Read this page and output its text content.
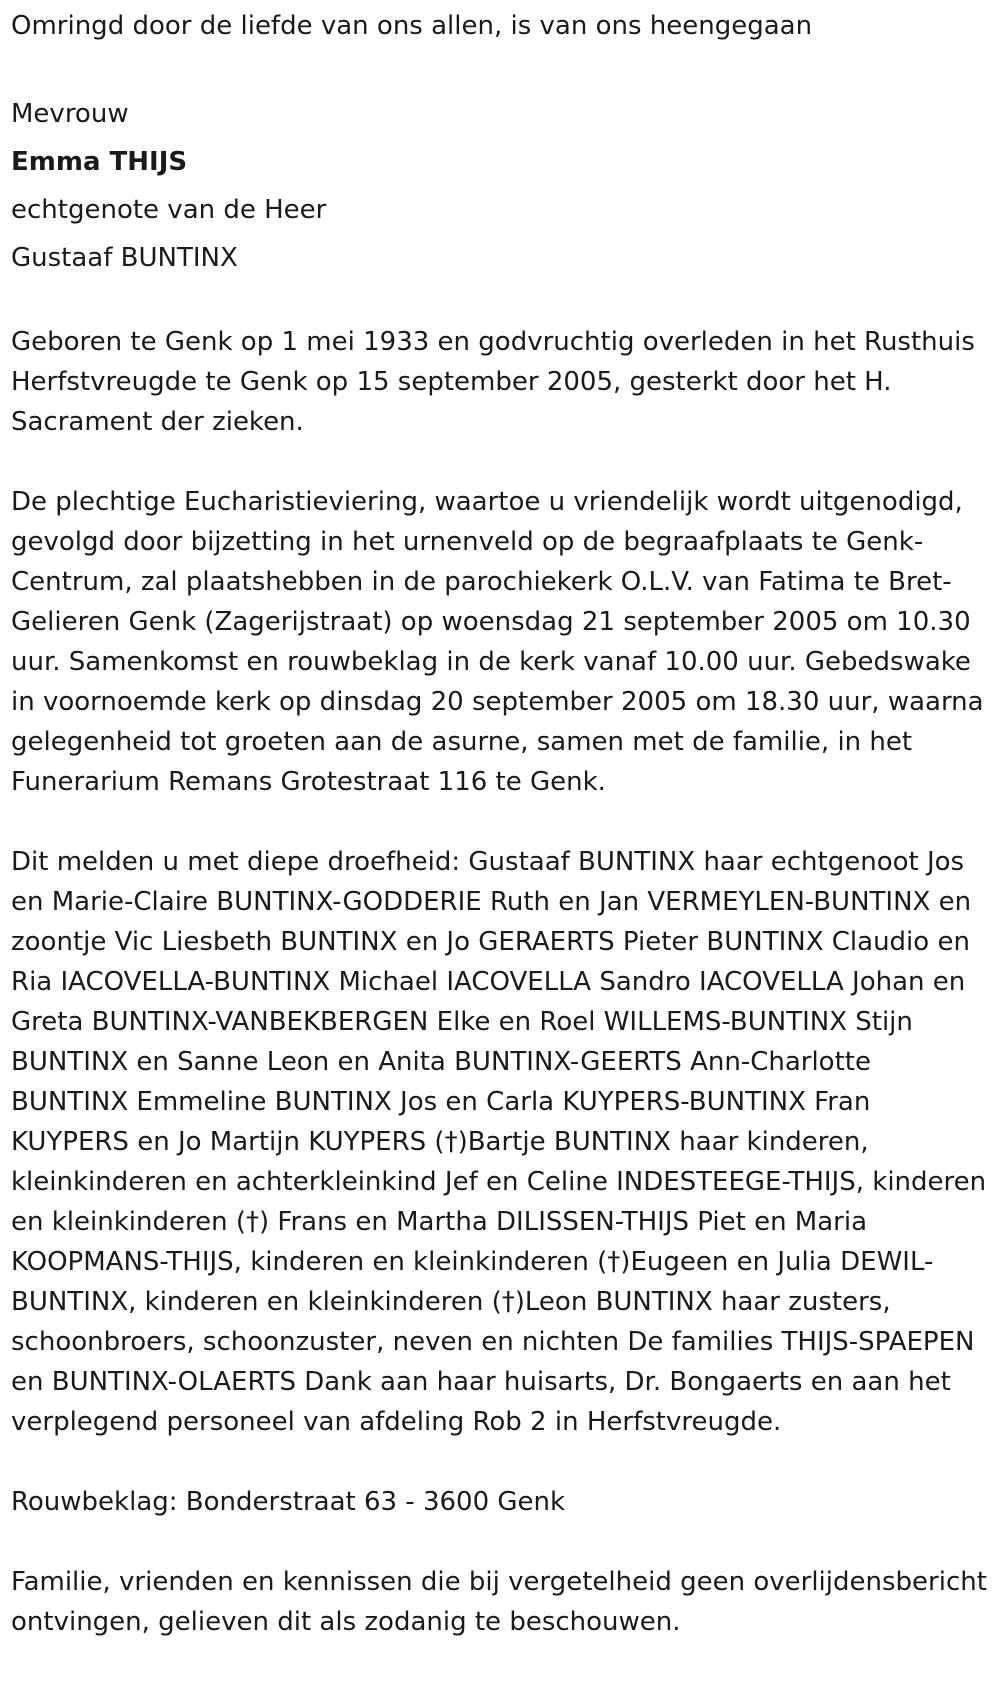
Omringd door de liefde van ons allen, is van ons heengegaan

Mevrouw

Emma THIJS

echtgenote van de Heer

Gustaaf BUNTINX

Geboren te Genk op 1 mei 1933 en godvruchtig overleden in het Rusthuis Herfstvreugde te Genk op 15 september 2005, gesterkt door het H. Sacrament der zieken.

De plechtige Eucharistieviering, waartoe u vriendelijk wordt uitgenodigd, gevolgd door bijzetting in het urnenveld op de begraafplaats te Genk-Centrum, zal plaatshebben in de parochiekerk O.L.V. van Fatima te Bret-Gelieren Genk (Zagerijstraat) op woensdag 21 september 2005 om 10.30 uur. Samenkomst en rouwbeklag in de kerk vanaf 10.00 uur. Gebedswake in voornoemde kerk op dinsdag 20 september 2005 om 18.30 uur, waarna gelegenheid tot groeten aan de asurne, samen met de familie, in het Funerarium Remans Grotestraat 116 te Genk.

Dit melden u met diepe droefheid: Gustaaf BUNTINX haar echtgenoot Jos en Marie-Claire BUNTINX-GODDERIE Ruth en Jan VERMEYLEN-BUNTINX en zoontje Vic Liesbeth BUNTINX en Jo GERAERTS Pieter BUNTINX Claudio en Ria IACOVELLA-BUNTINX Michael IACOVELLA Sandro IACOVELLA Johan en Greta BUNTINX-VANBEKBERGEN Elke en Roel WILLEMS-BUNTINX Stijn BUNTINX en Sanne Leon en Anita BUNTINX-GEERTS Ann-Charlotte BUNTINX Emmeline BUNTINX Jos en Carla KUYPERS-BUNTINX Fran KUYPERS en Jo Martijn KUYPERS (†)Bartje BUNTINX haar kinderen, kleinkinderen en achterkleinkind Jef en Celine INDESTEEGE-THIJS, kinderen en kleinkinderen (†) Frans en Martha DILISSEN-THIJS Piet en Maria KOOPMANS-THIJS, kinderen en kleinkinderen (†)Eugeen en Julia DEWIL-BUNTINX, kinderen en kleinkinderen (†)Leon BUNTINX haar zusters, schoonbroers, schoonzuster, neven en nichten De families THIJS-SPAEPEN en BUNTINX-OLAERTS Dank aan haar huisarts, Dr. Bongaerts en aan het verplegend personeel van afdeling Rob 2 in Herfstvreugde.

Rouwbeklag: Bonderstraat 63 - 3600 Genk

Familie, vrienden en kennissen die bij vergetelheid geen overlijdensbericht ontvingen, gelieven dit als zodanig te beschouwen.
